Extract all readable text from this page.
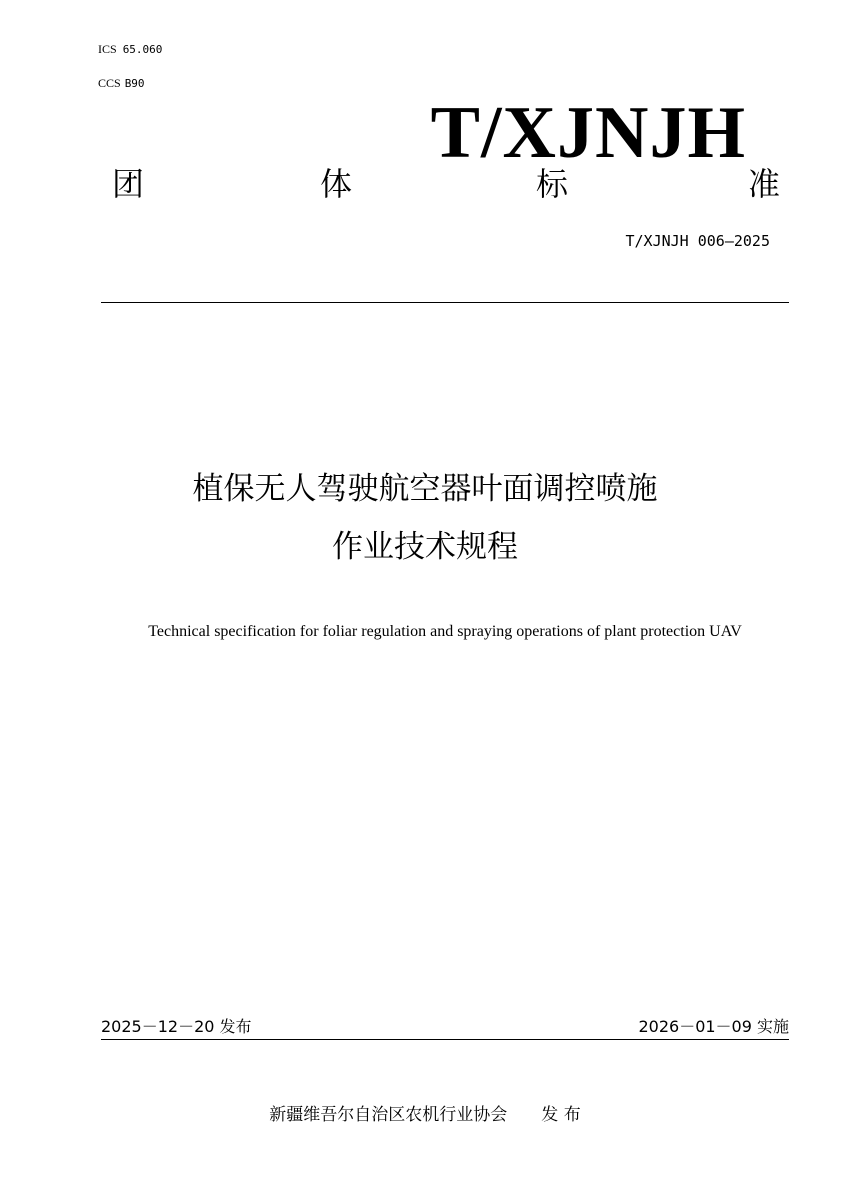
ICS 65.060
CCS B90
T/XJNJH
团	体	标	准
T/XJNJH 006—2025
植保无人驾驶航空器叶面调控喷施
作业技术规程
Technical specification for foliar regulation and spraying operations of plant protection UAV
2025－12－20 发布	2026－01－09 实施
新疆维吾尔自治区农机行业协会 发 布
